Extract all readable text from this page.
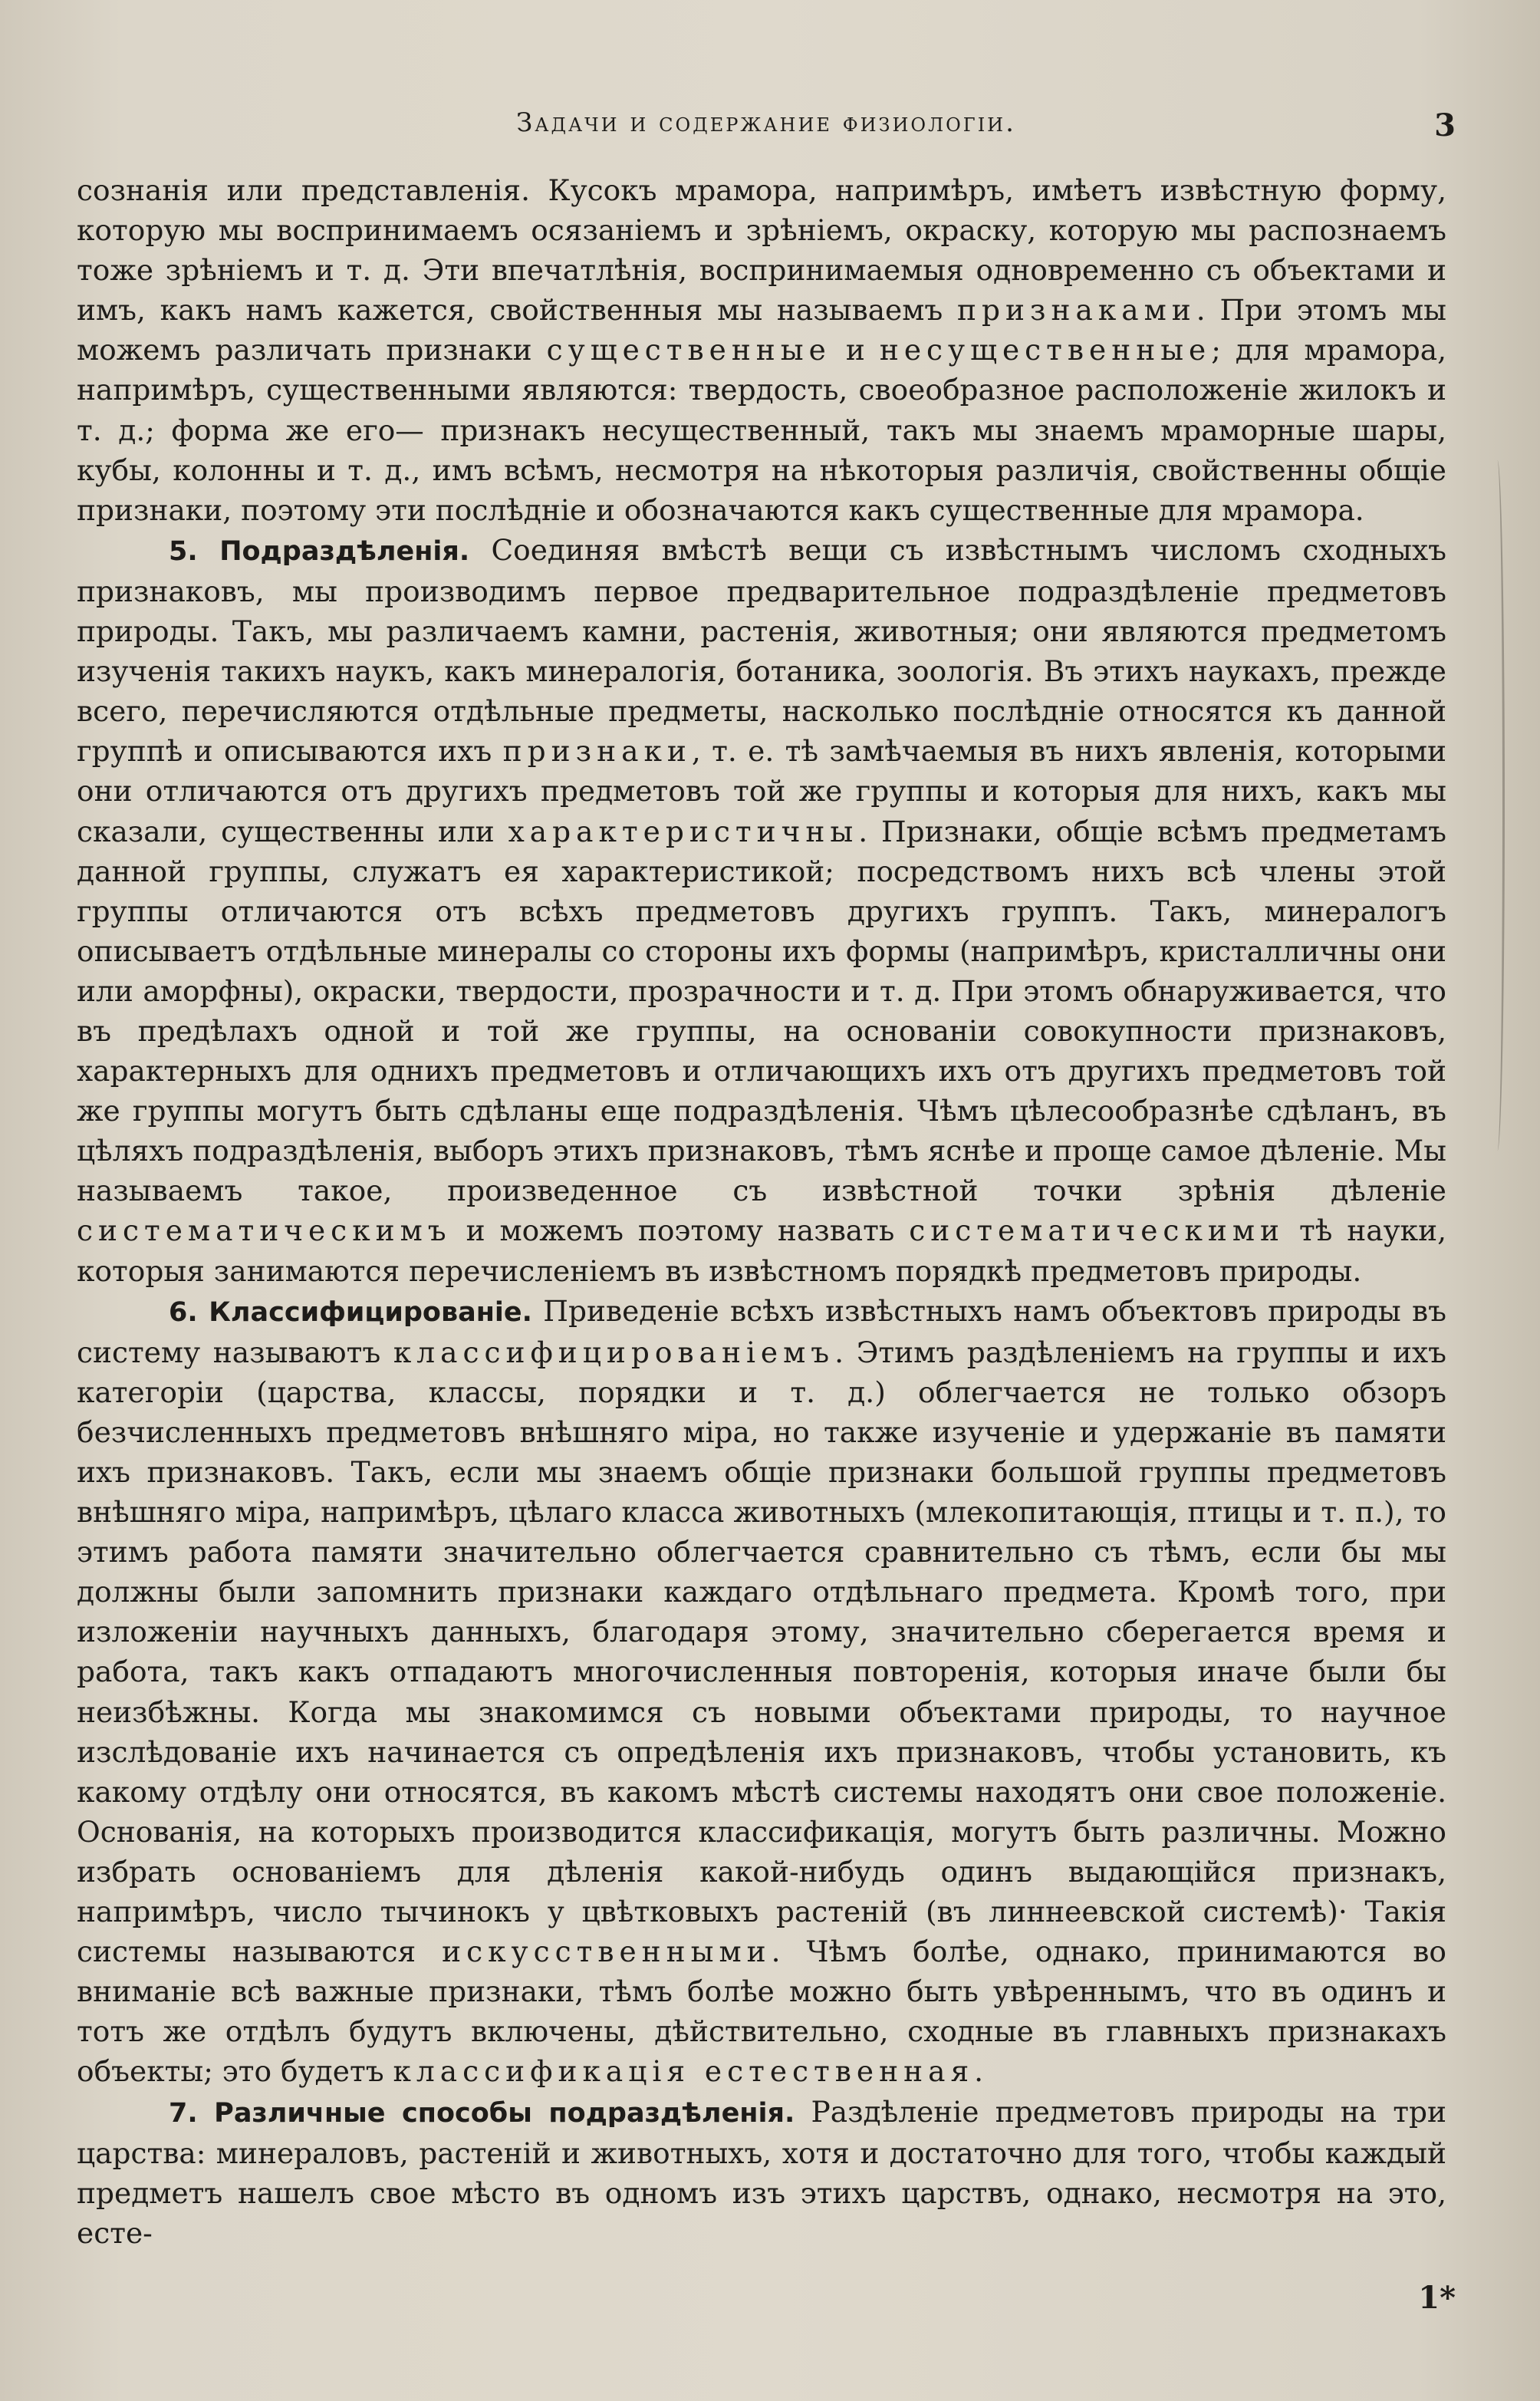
Задачи и содержание физиологіи.	3

сознанія или представленія. Кусокъ мрамора, напримѣръ, имѣетъ извѣстную форму, которую мы воспринимаемъ осязаніемъ и зрѣніемъ, окраску, которую мы распознаемъ тоже зрѣніемъ и т. д. Эти впечатлѣнія, воспринимаемыя одновременно съ объектами и имъ, какъ намъ кажется, свойственныя мы называемъ признаками. При этомъ мы можемъ различать признаки существенные и несущественные; для мрамора, напримѣръ, существенными являются: твердость, своеобразное расположеніе жилокъ и т. д.; форма же его— признакъ несущественный, такъ мы знаемъ мраморные шары, кубы, колонны и т. д., имъ всѣмъ, несмотря на нѣкоторыя различія, свойственны общіе признаки, поэтому эти послѣдніе и обозначаются какъ существенные для мрамора.

5. Подраздѣленія. Соединяя вмѣстѣ вещи съ извѣстнымъ числомъ сходныхъ признаковъ, мы производимъ первое предварительное подраздѣленіе предметовъ природы. Такъ, мы различаемъ камни, растенія, животныя; они являются предметомъ изученія такихъ наукъ, какъ минералогія, ботаника, зоологія. Въ этихъ наукахъ, прежде всего, перечисляются отдѣльные предметы, насколько послѣдніе относятся къ данной группѣ и описываются ихъ признаки, т. е. тѣ замѣчаемыя въ нихъ явленія, которыми они отличаются отъ другихъ предметовъ той же группы и которыя для нихъ, какъ мы сказали, существенны или характеристичны. Признаки, общіе всѣмъ предметамъ данной группы, служатъ ея характеристикой; посредствомъ нихъ всѣ члены этой группы отличаются отъ всѣхъ предметовъ другихъ группъ. Такъ, минералогъ описываетъ отдѣльные минералы со стороны ихъ формы (напримѣръ, кристалличны они или аморфны), окраски, твердости, прозрачности и т. д. При этомъ обнаруживается, что въ предѣлахъ одной и той же группы, на основаніи совокупности признаковъ, характерныхъ для однихъ предметовъ и отличающихъ ихъ отъ другихъ предметовъ той же группы могутъ быть сдѣланы еще подраздѣленія. Чѣмъ цѣлесообразнѣе сдѣланъ, въ цѣляхъ подраздѣленія, выборъ этихъ признаковъ, тѣмъ яснѣе и проще самое дѣленіе. Мы называемъ такое, произведенное съ извѣстной точки зрѣнія дѣленіе систематическимъ и можемъ поэтому назвать систематическими тѣ науки, которыя занимаются перечисленіемъ въ извѣстномъ порядкѣ предметовъ природы.

6. Классифицированіе. Приведеніе всѣхъ извѣстныхъ намъ объектовъ природы въ систему называютъ классифицированіемъ. Этимъ раздѣленіемъ на группы и ихъ категоріи (царства, классы, порядки и т. д.) облегчается не только обзоръ безчисленныхъ предметовъ внѣшняго міра, но также изученіе и удержаніе въ памяти ихъ признаковъ. Такъ, если мы знаемъ общіе признаки большой группы предметовъ внѣшняго міра, напримѣръ, цѣлаго класса животныхъ (млекопитающія, птицы и т. п.), то этимъ работа памяти значительно облегчается сравнительно съ тѣмъ, если бы мы должны были запомнить признаки каждаго отдѣльнаго предмета. Кромѣ того, при изложеніи научныхъ данныхъ, благодаря этому, значительно сберегается время и работа, такъ какъ отпадаютъ многочисленныя повторенія, которыя иначе были бы неизбѣжны. Когда мы знакомимся съ новыми объектами природы, то научное изслѣдованіе ихъ начинается съ опредѣленія ихъ признаковъ, чтобы установить, къ какому отдѣлу они относятся, въ какомъ мѣстѣ системы находятъ они свое положеніе. Основанія, на которыхъ производится классификація, могутъ быть различны. Можно избрать основаніемъ для дѣленія какой-нибудь одинъ выдающійся признакъ, напримѣръ, число тычинокъ у цвѣтковыхъ растеній (въ линнеевской системѣ)· Такія системы называются искусственными. Чѣмъ болѣе, однако, принимаются во вниманіе всѣ важные признаки, тѣмъ болѣе можно быть увѣреннымъ, что въ одинъ и тотъ же отдѣлъ будутъ включены, дѣйствительно, сходные въ главныхъ признакахъ объекты; это будетъ классификація естественная.

7. Различные способы подраздѣленія. Раздѣленіе предметовъ природы на три царства: минераловъ, растеній и животныхъ, хотя и достаточно для того, чтобы каждый предметъ нашелъ свое мѣсто въ одномъ изъ этихъ царствъ, однако, несмотря на это, есте-

1*
